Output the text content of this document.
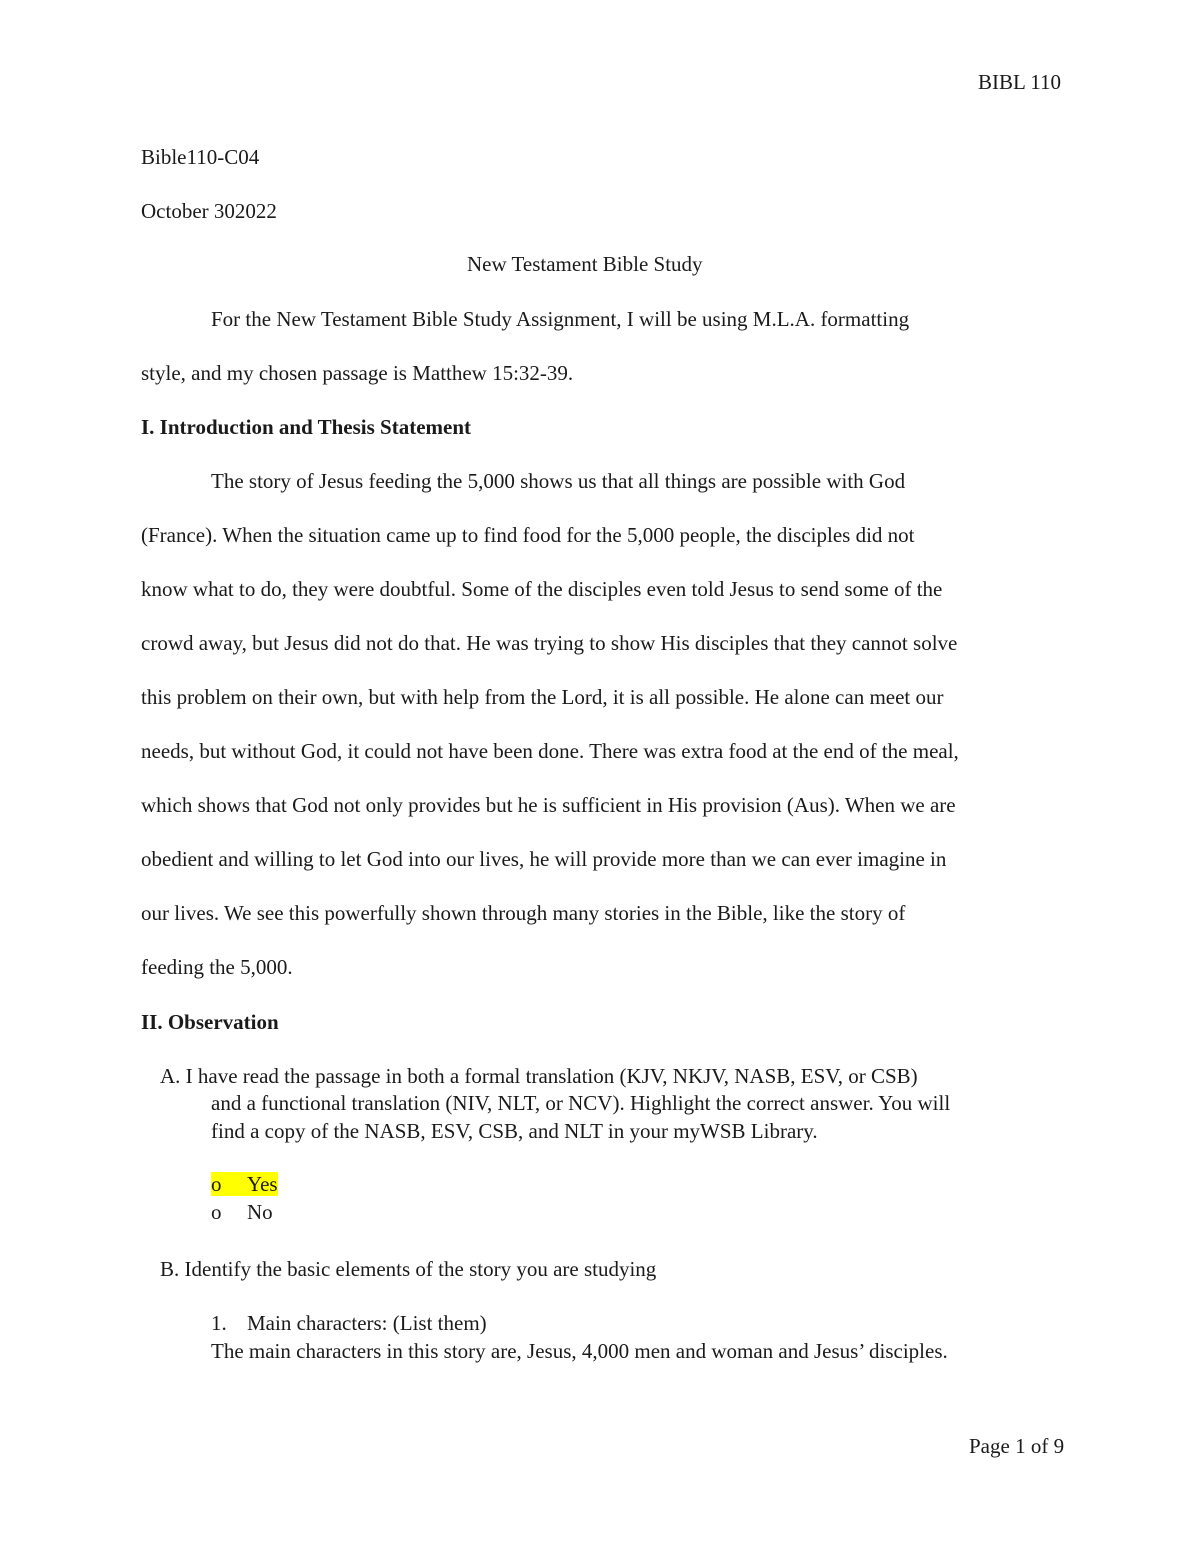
BIBL 110
Bible110-C04
October 302022
New Testament Bible Study
For the New Testament Bible Study Assignment, I will be using M.L.A. formatting
style, and my chosen passage is Matthew 15:32-39.
I. Introduction and Thesis Statement
The story of Jesus feeding the 5,000 shows us that all things are possible with God
(France). When the situation came up to find food for the 5,000 people, the disciples did not
know what to do, they were doubtful. Some of the disciples even told Jesus to send some of the
crowd away, but Jesus did not do that. He was trying to show His disciples that they cannot solve
this problem on their own, but with help from the Lord, it is all possible. He alone can meet our
needs, but without God, it could not have been done. There was extra food at the end of the meal,
which shows that God not only provides but he is sufficient in His provision (Aus). When we are
obedient and willing to let God into our lives, he will provide more than we can ever imagine in
our lives. We see this powerfully shown through many stories in the Bible, like the story of
feeding the 5,000.
II. Observation
A. I have read the passage in both a formal translation (KJV, NKJV, NASB, ESV, or CSB)
and a functional translation (NIV, NLT, or NCV). Highlight the correct answer. You will
find a copy of the NASB, ESV, CSB, and NLT in your myWSB Library.
o Yes
o No
B. Identify the basic elements of the story you are studying
1. Main characters: (List them)
The main characters in this story are, Jesus, 4,000 men and woman and Jesus’ disciples.
Page 1 of 9
